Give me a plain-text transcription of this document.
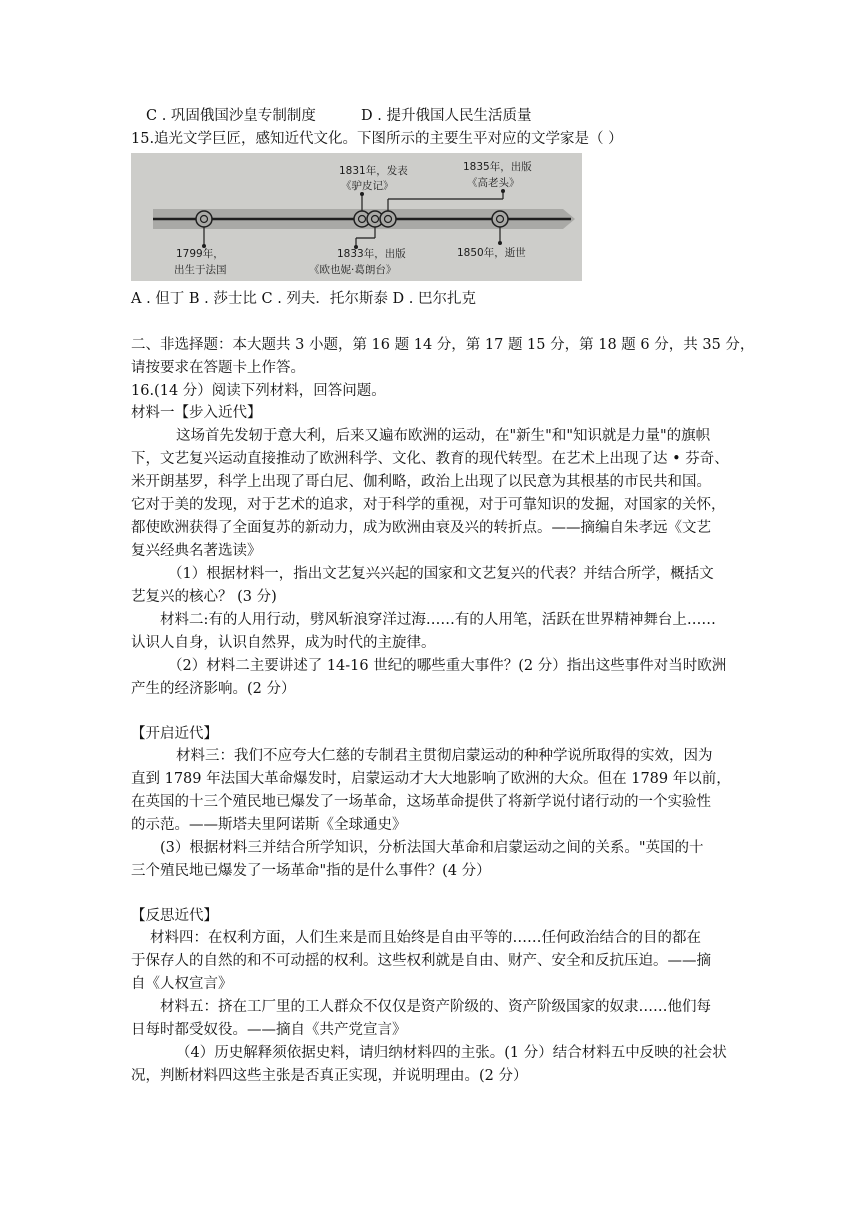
C . 巩固俄国沙皇专制制度	D . 提升俄国人民生活质量
15.追光文学巨匠，感知近代文化。下图所示的主要生平对应的文学家是（ ）
1799年，
出生于法国
1831年，发表
《驴皮记》
1833年，出版
《欧也妮·葛朗台》
1835年，出版
《高老头》
1850年，逝世
A . 但丁 B . 莎士比 C . 列夫．托尔斯泰 D . 巴尔扎克
二、非选择题：本大题共 3 小题，第 16 题 14 分，第 17 题 15 分，第 18 题 6 分，共 35 分，
请按要求在答题卡上作答。
16.(14 分）阅读下列材料，回答问题。
材料一【步入近代】
这场首先发轫于意大利，后来又遍布欧洲的运动，在"新生"和"知识就是力量"的旗帜
下，文艺复兴运动直接推动了欧洲科学、文化、教育的现代转型。在艺术上出现了达 • 芬奇、
米开朗基罗，科学上出现了哥白尼、伽利略，政治上出现了以民意为其根基的市民共和国。
它对于美的发现，对于艺术的追求，对于科学的重视，对于可靠知识的发掘，对国家的关怀，
都使欧洲获得了全面复苏的新动力，成为欧洲由衰及兴的转折点。——摘编自朱孝远《文艺
复兴经典名著选读》
（1）根据材料一，指出文艺复兴兴起的国家和文艺复兴的代表？并结合所学，概括文
艺复兴的核心？ (3 分)
材料二:有的人用行动，劈风斩浪穿洋过海……有的人用笔，活跃在世界精神舞台上……
认识人自身，认识自然界，成为时代的主旋律。
（2）材料二主要讲述了 14-16 世纪的哪些重大事件？(2 分）指出这些事件对当时欧洲
产生的经济影响。(2 分）
【开启近代】
材料三：我们不应夸大仁慈的专制君主贯彻启蒙运动的种种学说所取得的实效，因为
直到 1789 年法国大革命爆发时，启蒙运动才大大地影响了欧洲的大众。但在 1789 年以前，
在英国的十三个殖民地已爆发了一场革命，这场革命提供了将新学说付诸行动的一个实验性
的示范。——斯塔夫里阿诺斯《全球通史》
(3）根据材料三并结合所学知识，分析法国大革命和启蒙运动之间的关系。"英国的十
三个殖民地已爆发了一场革命"指的是什么事件？(4 分）
【反思近代】
材料四：在权利方面，人们生来是而且始终是自由平等的……任何政治结合的目的都在
于保存人的自然的和不可动摇的权利。这些权利就是自由、财产、安全和反抗压迫。——摘
自《人权宣言》
材料五：挤在工厂里的工人群众不仅仅是资产阶级的、资产阶级国家的奴隶……他们每
日每时都受奴役。——摘自《共产党宣言》
（4）历史解释须依据史料，请归纳材料四的主张。(1 分）结合材料五中反映的社会状
况，判断材料四这些主张是否真正实现，并说明理由。(2 分）
